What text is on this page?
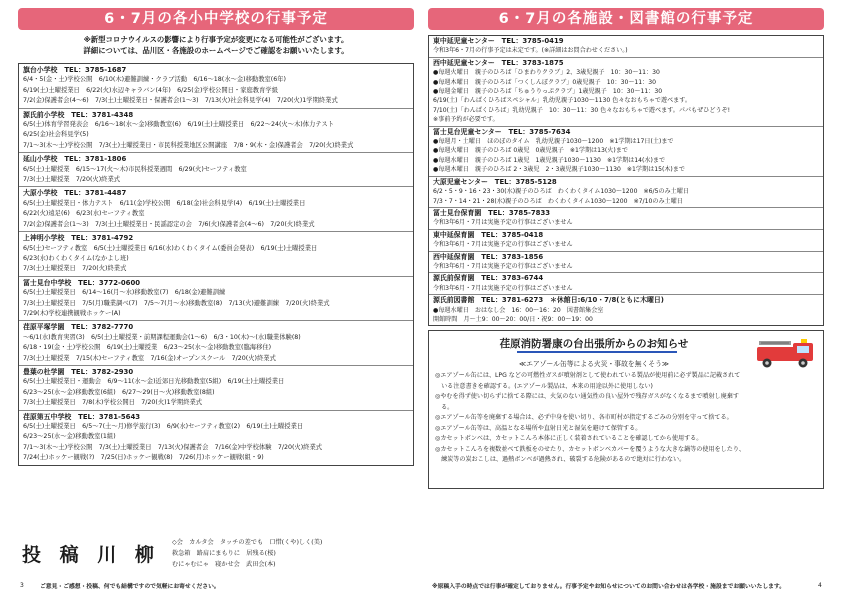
6・7月の各小中学校の行事予定
※新型コロナウイルスの影響により行事予定が変更になる可能性がございます。
詳細については、品川区・各施設のホームページでご確認をお願いいたします。
旗台小学校　 TEL：3785-1687
6/4・5(金・土)学校公開　6/10(木)避難訓練・クラブ活動　6/16～18(水～金)移動教室(6年)
6/19(土)土曜授業日　6/22(火)水辺キャラバン(4年)　6/25(金)学校公開日・家庭教育学級
7/2(金)保護者会(4～6)　7/3(土)土曜授業日・保護者会(1～3)　7/13(火)社会科見学(4)　7/20(火)1学期終業式
源氏前小学校　 TEL：3781-4348
6/5(土)体育学習発表会　6/16～18(水～金)移動教室(6)　6/19(土)土曜授業日　6/22～24(火～木)体力テスト
6/25(金)社会科見学(5)
7/1～3(木～土)学校公開　7/3(土)土曜授業日・市民科授業地区公開講座　7/8・9(木・金)保護者会　7/20(火)終業式
延山小学校　 TEL：3781-1806
6/5(土)土曜授業　6/15～17(火～木)市民科授業週間　6/29(火)セーフティ教室
7/3(土)土曜授業　7/20(火)終業式
大原小学校　 TEL：3781-4487
6/5(土)土曜授業日・体力テスト　6/11(金)学校公開　6/18(金)社会科見学(4)　6/19(土)土曜授業日
6/22(火)遠足(6)　6/23(水)セーフティ教室
7/2(金)保護者会(1～3)　7/3(土)土曜授業日・民謡認定の会　7/6(火)保護者会(4～6)　7/20(火)終業式
上神明小学校　 TEL：3781-4792
6/5(土)セーフティ教室　6/5(土)土曜授業日 6/16(水)わくわくタイム(委員会発表)　6/19(土)土曜授業日
6/23(水)わくわくタイム(なかよし班)
7/3(土)土曜授業日　7/20(火)終業式
冨士見台中学校　 TEL：3772-0600
6/5(土)土曜授業日　6/14～16(月～水)移動教室(7)　6/18(金)避難訓練
7/3(土)土曜授業日　7/5(月)職業調べ(7)　7/5～7(月～水)移動教室(8)　7/13(火)避難訓練　7/20(火)終業式
7/29(木)学校連携観戦ホッケー(A)
荏原平塚学園　 TEL：3782-7770
～6/1(水)教育実習(3)　6/5(土)土曜授業・前期課程運動会(1～6)　6/3・10(木)～(水)職業体験(8)
6/18・19(金・土)学校公開　6/19(土)土曜授業　6/23～25(水～金)移動教室(臨海移住)
7/3(土)土曜授業　7/15(木)セーフティ教室　7/16(金)オープンスクール　7/20(火)終業式
豊葉の杜学園　 TEL：3782-2930
6/5(土)土曜授業日・運動会　6/9～11(水～金)近郊日光移動教室(5組)　6/19(土)土曜授業日
6/23～25(水～金)移動教室(6組)　6/27～29(日～火)移動教室(8組)
7/3(土)土曜授業日　7/8(木)学校公開日　7/20(火)1学期終業式
荏原第五中学校　 TEL：3781-5643
6/5(土)土曜授業日　6/5～7(土～月)修学旅行(3)　6/9(水)セーフティ教室(2)　6/19(土)土曜授業日
6/23～25(水～金)移動教室(1組)
7/1～3(木～土)学校公開　7/3(土)土曜授業日　7/13(火)保護者会　7/16(金)中学校体験　7/20(火)終業式
7/24(土)ホッケー観戦(?)　7/25(日)ホッケー観戦(8)　7/26(月)ホッケー観戦(組・9)
投 稿 川 柳
◇会　カルタ会　タッチの差でも　口惜(くや)しく(美)
救急箱　路肩にまもりに　居残る(桜)
むにゃむにゃ　寝かせ会　武田会(本)
3	ご意見・ご感想・投稿、何でも結構ですので気軽にお寄せください。
6・7月の各施設・図書館の行事予定
東中延児童センター　 TEL：3785-0419
令和3年6・7月の行事予定は未定です。(※詳細はお問合わせください。)
西中延児童センター　 TEL：3783-1875
●毎週火曜日　親子のひろば「ひまわりクラブ」2、3歳児親子　10：30～11：30
●毎週木曜日　親子のひろば「つくしんぼクラブ」0歳児親子　10：30～11：30
●毎週金曜日　親子のひろば「ちゅうりっぷクラブ」1歳児親子　10：30～11：30
6/19(土)「わんぱくひろばスペシャル」乳幼児親子1030～1130 色々なおもちゃで遊べます。
7/10(土)「わんぱくひろば」乳幼児親子　10：30～11：30 色々なおもちゃで遊べます。パパもぜひどうぞ!
※事前予約が必要です。
冨士見台児童センター　 TEL：3785-7634
●毎週月・土曜日　ほのぼのタイム　乳幼児親子1030～1200　※1学期は17日(土)まで
●毎週火曜日　親子のひろば 0歳児　0歳児親子　※1学期は13(火)まで
●毎週水曜日　親子のひろば 1歳児　1歳児親子1030～1130　※1学期は14(水)まで
●毎週木曜日　親子のひろば 2・3歳児　2・3歳児親子1030～1130　※1学期は15(木)まで
大原児童センター　 TEL：3785-5128
6/2・5・9・16・23・30(水)親子のひろば　わくわくタイム1030～1200　※6/5のみ土曜日
7/3・7・14・21・28(水)親子のひろば　わくわくタイム1030～1200　※7/10のみ土曜日
冨士見台保育園　 TEL：3785-7833
令和3年6月・7月は実施予定の行事はございません
東中延保育園　 TEL：3785-0418
令和3年6月・7月は実施予定の行事はございません
西中延保育園　 TEL：3783-1856
令和3年6月・7月は実施予定の行事はございません
源氏前保育園　 TEL：3783-6744
令和3年6月・7月は実施予定の行事はございません
源氏前図書館　 TEL：3781-6273　＊休館日:6/10・7/8(ともに木曜日)
●毎週水曜日　おはなし会　16：00～16：20　図書館集会室
開館時間　月～土9：00～20：00/日・祝9：00～19：00
荏原消防署康の台出張所からのお知らせ
≪エアゾール缶等による火災・事故を無くそう≫
◎エアゾール缶には、LPG などの可燃性ガスが噴射剤として使われている製品が使用前に必ず製品に記載されて
　いる注意書きを確認する。(エアゾール製品は、本来の用途以外に使用しない)
◎やむを得ず使い切らずに捨てる際には、火気のない通気性の良い屋外で残存ガスがなくなるまで噴射し廃棄す
　る。
◎エアゾール缶等を廃棄する場合は、必ず中身を使い切り、各市町村が指定するごみの分別を守って捨てる。
◎エアゾール缶等は、高温となる場所や直射日光と湿気を避けて保管する。
◎カセットボンベは、カセットこんろ本体に正しく装着されていることを確認してから使用する。
◎カセットこんろを複数並べて鉄板をのせたり、カセットボンベカバーを覆うような大きな鍋等の使用をしたり、
　練炭等の炭おこしは、過熱ボンベが過熱され、破裂する危険があるので絶対に行わない。
※原稿入手の時点では行事が確定しておりません。行事予定やお知らせについてのお問い合わせは各学校・施設までお願いいたします。	4
